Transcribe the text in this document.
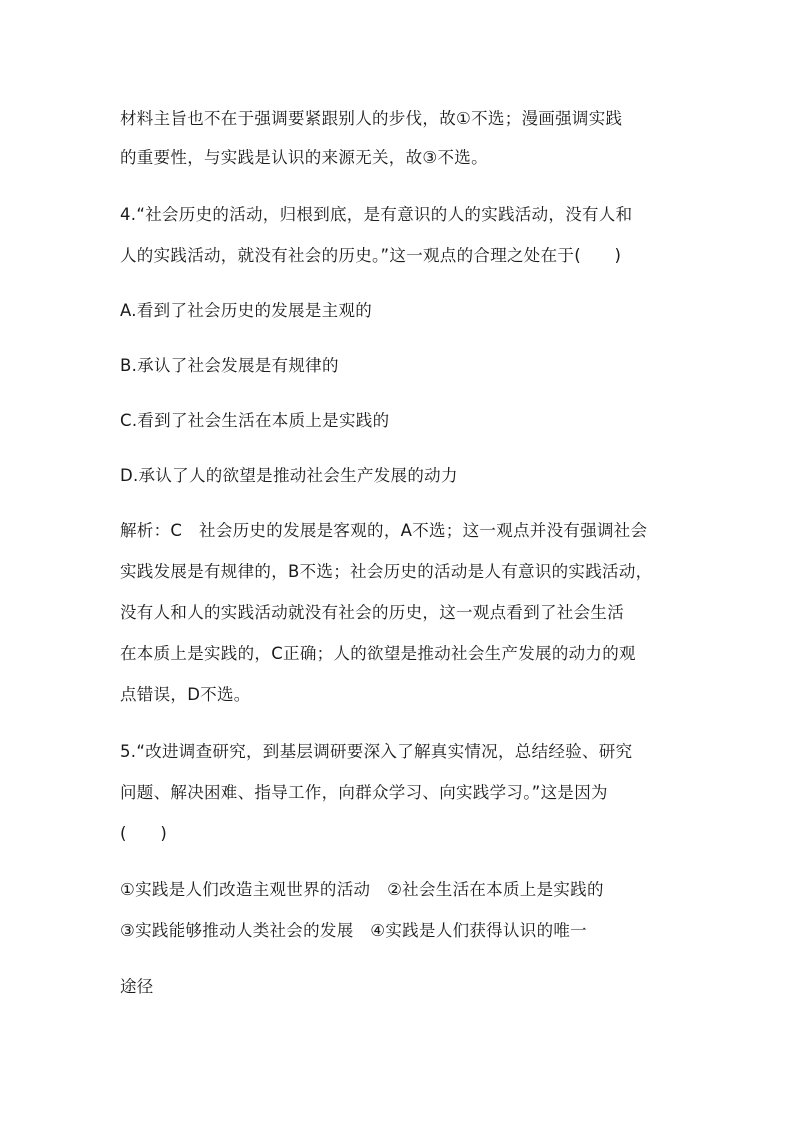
材料主旨也不在于强调要紧跟别人的步伐，故①不选；漫画强调实践
的重要性，与实践是认识的来源无关，故③不选。
4.“社会历史的活动，归根到底，是有意识的人的实践活动，没有人和
人的实践活动，就没有社会的历史。”这一观点的合理之处在于(　　)
A.看到了社会历史的发展是主观的
B.承认了社会发展是有规律的
C.看到了社会生活在本质上是实践的
D.承认了人的欲望是推动社会生产发展的动力
解析：C　社会历史的发展是客观的，A不选；这一观点并没有强调社会
实践发展是有规律的，B不选；社会历史的活动是人有意识的实践活动，
没有人和人的实践活动就没有社会的历史，这一观点看到了社会生活
在本质上是实践的，C正确；人的欲望是推动社会生产发展的动力的观
点错误，D不选。
5.“改进调查研究，到基层调研要深入了解真实情况，总结经验、研究
问题、解决困难、指导工作，向群众学习、向实践学习。”这是因为
(　　)
①实践是人们改造主观世界的活动　②社会生活在本质上是实践的
③实践能够推动人类社会的发展　④实践是人们获得认识的唯一
途径
